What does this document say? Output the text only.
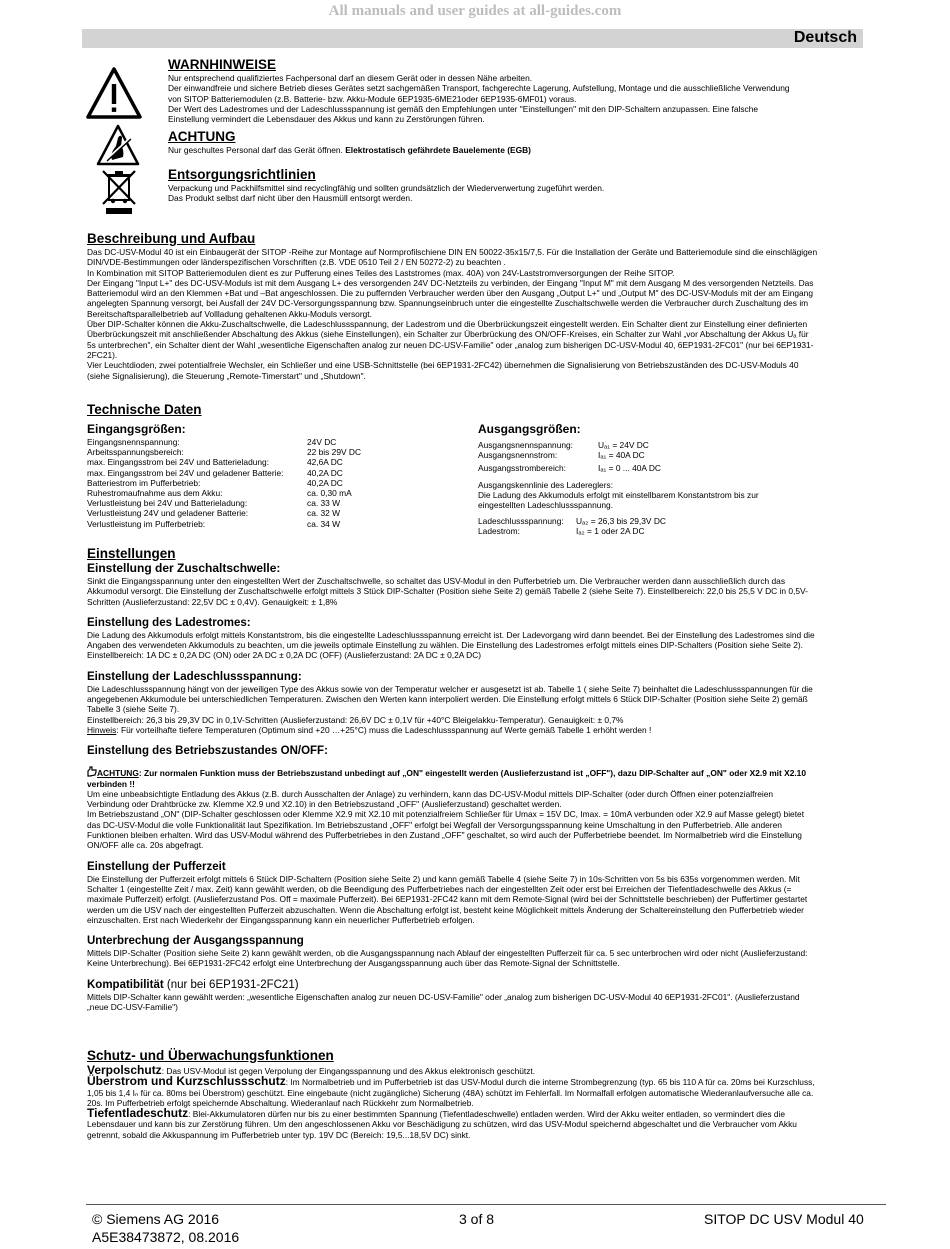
All manuals and user guides at all-guides.com
Deutsch
WARNHINWEISE

Nur entsprechend qualifiziertes Fachpersonal darf an diesem Gerät oder in dessen Nähe arbeiten.

Der einwandfreie und sichere Betrieb dieses Gerätes setzt sachgemäßen Transport, fachgerechte Lagerung, Aufstellung, Montage und die ausschließliche Verwendung

von SITOP Batteriemodulen (z.B. Batterie- bzw. Akku-Module 6EP1935-6ME21oder 6EP1935-6MF01) voraus.

Der Wert des Ladestromes und der Ladeschlussspannung ist gemäß den Empfehlungen unter "Einstellungen" mit den DIP-Schaltern anzupassen. Eine falsche

Einstellung vermindert die Lebensdauer des Akkus und kann zu Zerstörungen führen.

ACHTUNG
Nur geschultes Personal darf das Gerät öffnen. Elektrostatisch gefährdete Bauelemente (EGB)
Entsorgungsrichtlinien

Verpackung und Packhilfsmittel sind recyclingfähig und sollten grundsätzlich der Wiederverwertung zugeführt werden.

Das Produkt selbst darf nicht über den Hausmüll entsorgt werden.

Beschreibung und Aufbau

Das DC-USV-Modul 40 ist ein Einbaugerät der SITOP -Reihe zur Montage auf Normprofilschiene DIN EN 50022-35x15/7,5. Für die Installation der Geräte und Batteriemodule sind die einschlägigen

DIN/VDE-Bestimmungen oder länderspezifischen Vorschriften (z.B. VDE 0510 Teil 2 / EN 50272-2) zu beachten .

In Kombination mit SITOP Batteriemodulen dient es zur Pufferung eines Teiles des Laststromes (max. 40A) von 24V-Laststromversorgungen der Reihe SITOP.

Der Eingang "Input L+" des DC-USV-Moduls ist mit dem Ausgang L+ des versorgenden 24V DC-Netzteils zu verbinden, der Eingang "Input M" mit dem Ausgang M des versorgenden Netzteils. Das

Batteriemodul wird an den Klemmen +Bat und –Bat angeschlossen. Die zu puffernden Verbraucher werden über den Ausgang „Output L+" und „Output M" des DC-USV-Moduls mit der am Eingang

angelegten Spannung versorgt, bei Ausfall der 24V DC-Versorgungsspannung bzw. Spannungseinbruch unter die eingestellte Zuschaltschwelle werden die Verbraucher durch Zuschaltung des im

Bereitschaftsparallelbetrieb auf Vollladung gehaltenen Akku-Moduls versorgt.

Über DIP-Schalter können die Akku-Zuschaltschwelle, die Ladeschlussspannung, der Ladestrom und die Überbrückungszeit eingestellt werden. Ein Schalter dient zur Einstellung einer definierten

Überbrückungszeit mit anschließender Abschaltung des Akkus (siehe Einstellungen), ein Schalter zur Überbrückung des ON/OFF-Kreises, ein Schalter zur Wahl „vor Abschaltung der Akkus Uₐ für

5s unterbrechen", ein Schalter dient der Wahl „wesentliche Eigenschaften analog zur neuen DC-USV-Familie" oder „analog zum bisherigen DC-USV-Modul 40, 6EP1931-2FC01" (nur bei 6EP1931-

2FC21).

Vier Leuchtdioden, zwei potentialfreie Wechsler, ein Schließer und eine USB-Schnittstelle (bei 6EP1931-2FC42) übernehmen die Signalisierung von Betriebszuständen des DC-USV-Moduls 40

(siehe Signalisierung), die Steuerung „Remote-Timerstart" und „Shutdown".

Technische Daten
Eingangsgrößen:
Eingangsnennspannung:	24V DC
Arbeitsspannungsbereich:	22 bis 29V DC
max. Eingangsstrom bei 24V und Batterieladung:	42,6A DC
max. Eingangsstrom bei 24V und geladener Batterie:	40,2A DC
Batteriestrom im Pufferbetrieb:	40,2A DC
Ruhestromaufnahme aus dem Akku:	ca. 0,30 mA
Verlustleistung bei 24V und Batterieladung:	ca. 33 W
Verlustleistung 24V und geladener Batterie:	ca. 32 W
Verlustleistung im Pufferbetrieb:	ca. 34 W
Ausgangsgrößen:
Ausgangsnennspannung:	Uₐ₁ = 24V DC
Ausgangsnennstrom:	Iₐ₁ = 40A DC
Ausgangsstrombereich:	Iₐ₁ = 0 ... 40A DC

Ausgangskennlinie des Ladereglers:

Die Ladung des Akkumoduls erfolgt mit einstellbarem Konstantstrom bis zur

eingestellten Ladeschlussspannung.

Ladeschlussspannung:	Uₐ₂ = 26,3 bis 29,3V DC
Ladestrom:	Iₐ₂ = 1 oder 2A DC
Einstellungen
Einstellung der Zuschaltschwelle:

Sinkt die Eingangsspannung unter den eingestellten Wert der Zuschaltschwelle, so schaltet das USV-Modul in den Pufferbetrieb um. Die Verbraucher werden dann ausschließlich durch das

Akkumodul versorgt. Die Einstellung der Zuschaltschwelle erfolgt mittels 3 Stück DIP-Schalter (Position siehe Seite 2) gemäß Tabelle 2 (siehe Seite 7). Einstellbereich: 22,0 bis 25,5 V DC in 0,5V-

Schritten (Auslieferzustand: 22,5V DC ± 0,4V). Genauigkeit: ± 1,8%

Einstellung des Ladestromes:

Die Ladung des Akkumoduls erfolgt mittels Konstantstrom, bis die eingestellte Ladeschlussspannung erreicht ist. Der Ladevorgang wird dann beendet. Bei der Einstellung des Ladestromes sind die

Angaben des verwendeten Akkumoduls zu beachten, um die jeweils optimale Einstellung zu wählen. Die Einstellung des Ladestromes erfolgt mittels eines DIP-Schalters (Position siehe Seite 2).

Einstellbereich: 1A DC ± 0,2A DC (ON) oder 2A DC ± 0,2A DC (OFF) (Auslieferzustand: 2A DC ± 0,2A DC)

Einstellung der Ladeschlussspannung:

Die Ladeschlussspannung hängt von der jeweiligen Type des Akkus sowie von der Temperatur welcher er ausgesetzt ist ab. Tabelle 1 ( siehe Seite 7) beinhaltet die Ladeschlussspannungen für die

angegebenen Akkumodule bei unterschiedlichen Temperaturen. Zwischen den Werten kann interpoliert werden. Die Einstellung erfolgt mittels 6 Stück DIP-Schalter (Position siehe Seite 2) gemäß

Tabelle 3 (siehe Seite 7).

Einstellbereich: 26,3 bis 29,3V DC in 0,1V-Schritten (Auslieferzustand: 26,6V DC ± 0,1V für +40°C Bleigelakku-Temperatur). Genauigkeit: ± 0,7%

Hinweis: Für vorteilhafte tiefere Temperaturen (Optimum sind +20 …+25°C) muss die Ladeschlussspannung auf Werte gemäß Tabelle 1 erhöht werden !

Einstellung des Betriebszustandes ON/OFF:

ACHTUNG: Zur normalen Funktion muss der Betriebszustand unbedingt auf „ON" eingestellt werden (Auslieferzustand ist „OFF"), dazu DIP-Schalter auf „ON" oder X2.9 mit X2.10

verbinden !!

Um eine unbeabsichtigte Entladung des Akkus (z.B. durch Ausschalten der Anlage) zu verhindern, kann das DC-USV-Modul mittels DIP-Schalter (oder durch Öffnen einer potenzialfreien

Verbindung oder Drahtbrücke zw. Klemme X2.9 und X2.10) in den Betriebszustand „OFF" (Auslieferzustand) geschaltet werden.

Im Betriebszustand „ON" (DIP-Schalter geschlossen oder Klemme X2.9 mit X2.10 mit potenzialfreiem Schließer für Umax = 15V DC, Imax. = 10mA verbunden oder X2.9 auf Masse gelegt) bietet

das DC-USV-Modul die volle Funktionalität laut Spezifikation. Im Betriebszustand „OFF" erfolgt bei Wegfall der Versorgungsspannung keine Umschaltung in den Pufferbetrieb. Alle anderen

Funktionen bleiben erhalten. Wird das USV-Modul während des Pufferbetriebes in den Zustand „OFF" geschaltet, so wird auch der Pufferbetriebe beendet. Im Normalbetrieb wird die Einstellung

ON/OFF alle ca. 20s abgefragt.

Einstellung der Pufferzeit

Die Einstellung der Pufferzeit erfolgt mittels 6 Stück DIP-Schaltern (Position siehe Seite 2) und kann gemäß Tabelle 4 (siehe Seite 7) in 10s-Schritten von 5s bis 635s vorgenommen werden. Mit

Schalter 1 (eingestellte Zeit / max. Zeit) kann gewählt werden, ob die Beendigung des Pufferbetriebes nach der eingestellten Zeit oder erst bei Erreichen der Tiefentladeschwelle des Akkus (=

maximale Pufferzeit) erfolgt. (Auslieferzustand Pos. Off = maximale Pufferzeit). Bei 6EP1931-2FC42 kann mit dem Remote-Signal (wird bei der Schnittstelle beschrieben) der Puffertimer gestartet

werden um die USV nach der eingestellten Pufferzeit abzuschalten. Wenn die Abschaltung erfolgt ist, besteht keine Möglichkeit mittels Änderung der Schaltereinstellung den Pufferbetrieb wieder

einzuschalten. Erst nach Wiederkehr der Eingangsspannung kann ein neuerlicher Pufferbetrieb erfolgen.

Unterbrechung der Ausgangsspannung

Mittels DIP-Schalter (Position siehe Seite 2) kann gewählt werden, ob die Ausgangsspannung nach Ablauf der eingestellten Pufferzeit für ca. 5 sec unterbrochen wird oder nicht (Auslieferzustand:

Keine Unterbrechung). Bei 6EP1931-2FC42 erfolgt eine Unterbrechung der Ausgangsspannung auch über das Remote-Signal der Schnittstelle.

Kompatibilität (nur bei 6EP1931-2FC21)

Mittels DIP-Schalter kann gewählt werden: „wesentliche Eigenschaften analog zur neuen DC-USV-Familie" oder „analog zum bisherigen DC-USV-Modul 40 6EP1931-2FC01". (Auslieferzustand

„neue DC-USV-Familie")

Schutz- und Überwachungsfunktionen

Verpolschutz: Das USV-Modul ist gegen Verpolung der Eingangsspannung und des Akkus elektronisch geschützt.

Überstrom und Kurzschlussschutz: Im Normalbetrieb und im Pufferbetrieb ist das USV-Modul durch die interne Strombegrenzung (typ. 65 bis 110 A für ca. 20ms bei Kurzschluss,

1,05 bis 1,4 Iₙ für ca. 80ms bei Überstrom) geschützt. Eine eingebaute (nicht zugängliche) Sicherung (48A) schützt im Fehlerfall. Im Normalfall erfolgen automatische Wiederanlaufversuche alle ca.

20s. Im Pufferbetrieb erfolgt speichernde Abschaltung. Wiederanlauf nach Rückkehr zum Normalbetrieb.

Tiefentladeschutz: Blei-Akkumulatoren dürfen nur bis zu einer bestimmten Spannung (Tiefentladeschwelle) entladen werden. Wird der Akku weiter entladen, so vermindert dies die

Lebensdauer und kann bis zur Zerstörung führen. Um den angeschlossenen Akku vor Beschädigung zu schützen, wird das USV-Modul speichernd abgeschaltet und die Verbraucher vom Akku

getrennt, sobald die Akkuspannung im Pufferbetrieb unter typ. 19V DC (Bereich: 19,5...18,5V DC) sinkt.

© Siemens AG 2016
A5E38473872, 08.2016
3 of 8	SITOP DC USV Modul 40
